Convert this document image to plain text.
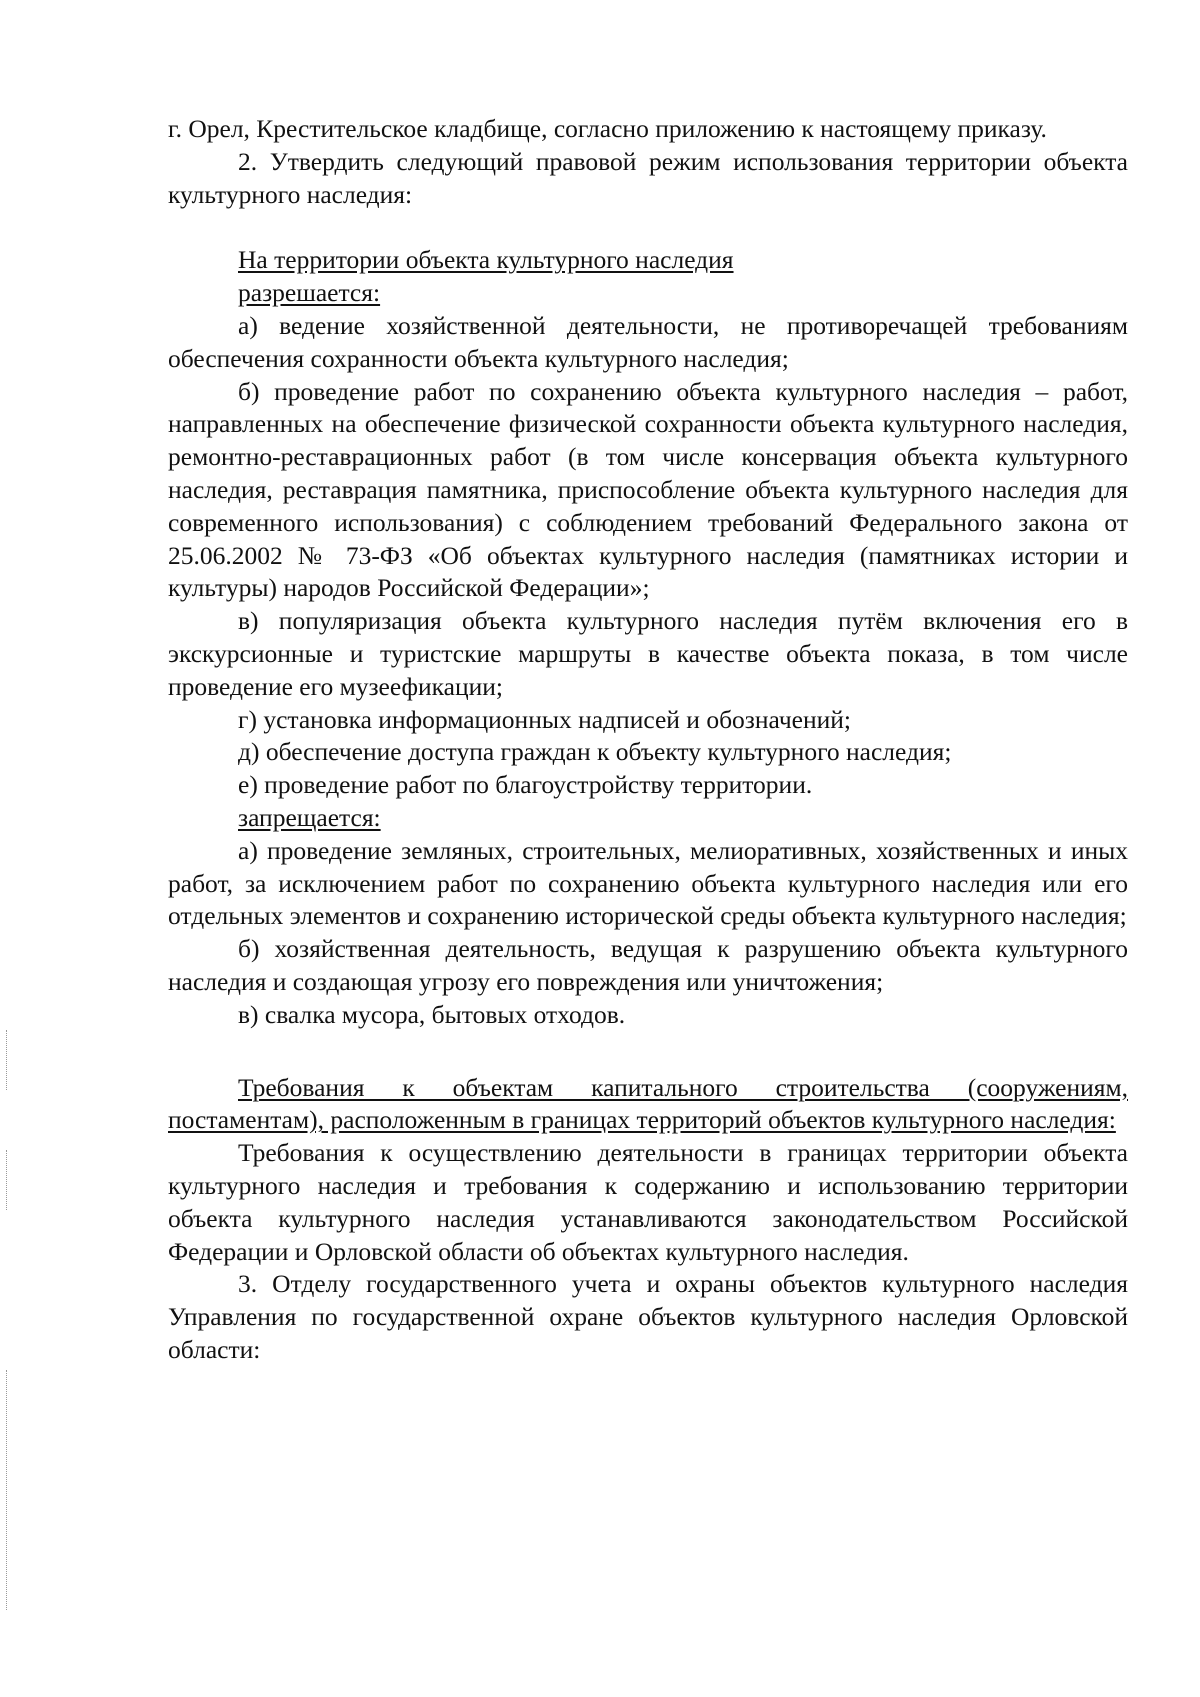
г. Орел, Крестительское кладбище, согласно приложению к настоящему приказу.

2. Утвердить следующий правовой режим использования территории объекта культурного наследия:

На территории объекта культурного наследия

разрешается:

а) ведение хозяйственной деятельности, не противоречащей требованиям обеспечения сохранности объекта культурного наследия;

б) проведение работ по сохранению объекта культурного наследия – работ, направленных на обеспечение физической сохранности объекта культурного наследия, ремонтно-реставрационных работ (в том числе консервация объекта культурного наследия, реставрация памятника, приспособление объекта культурного наследия для современного использования) с соблюдением требований Федерального закона от 25.06.2002 № 73-ФЗ «Об объектах культурного наследия (памятниках истории и культуры) народов Российской Федерации»;

в) популяризация объекта культурного наследия путём включения его в экскурсионные и туристские маршруты в качестве объекта показа, в том числе проведение его музеефикации;

г) установка информационных надписей и обозначений;

д) обеспечение доступа граждан к объекту культурного наследия;

е) проведение работ по благоустройству территории.

запрещается:

а) проведение земляных, строительных, мелиоративных, хозяйственных и иных работ, за исключением работ по сохранению объекта культурного наследия или его отдельных элементов и сохранению исторической среды объекта культурного наследия;

б) хозяйственная деятельность, ведущая к разрушению объекта культурного наследия и создающая угрозу его повреждения или уничтожения;

в) свалка мусора, бытовых отходов.

Требования к объектам капитального строительства (сооружениям, постаментам), расположенным в границах территорий объектов культурного наследия:

Требования к осуществлению деятельности в границах территории объекта культурного наследия и требования к содержанию и использованию территории объекта культурного наследия устанавливаются законодательством Российской Федерации и Орловской области об объектах культурного наследия.

3. Отделу государственного учета и охраны объектов культурного наследия Управления по государственной охране объектов культурного наследия Орловской области:
